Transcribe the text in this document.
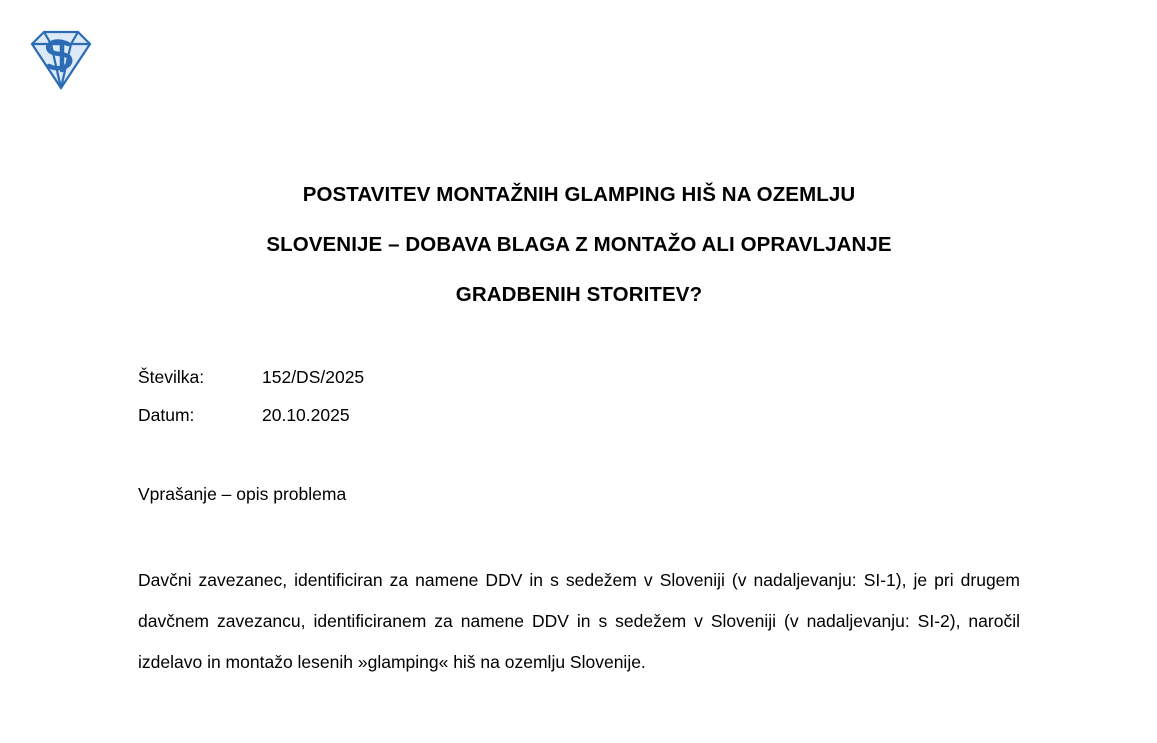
POSTAVITEV MONTAŽNIH GLAMPING HIŠ NA OZEMLJU
SLOVENIJE – DOBAVA BLAGA Z MONTAŽO ALI OPRAVLJANJE
GRADBENIH STORITEV?
Številka:	152/DS/2025
Datum:	20.10.2025
Vprašanje – opis problema

Davčni zavezanec, identificiran za namene DDV in s sedežem v Sloveniji (v nadaljevanju: SI-1), je pri drugem davčnem zavezancu, identificiranem za namene DDV in s sedežem v Sloveniji (v nadaljevanju: SI-2), naročil izdelavo in montažo lesenih »glamping« hiš na ozemlju Slovenije.
